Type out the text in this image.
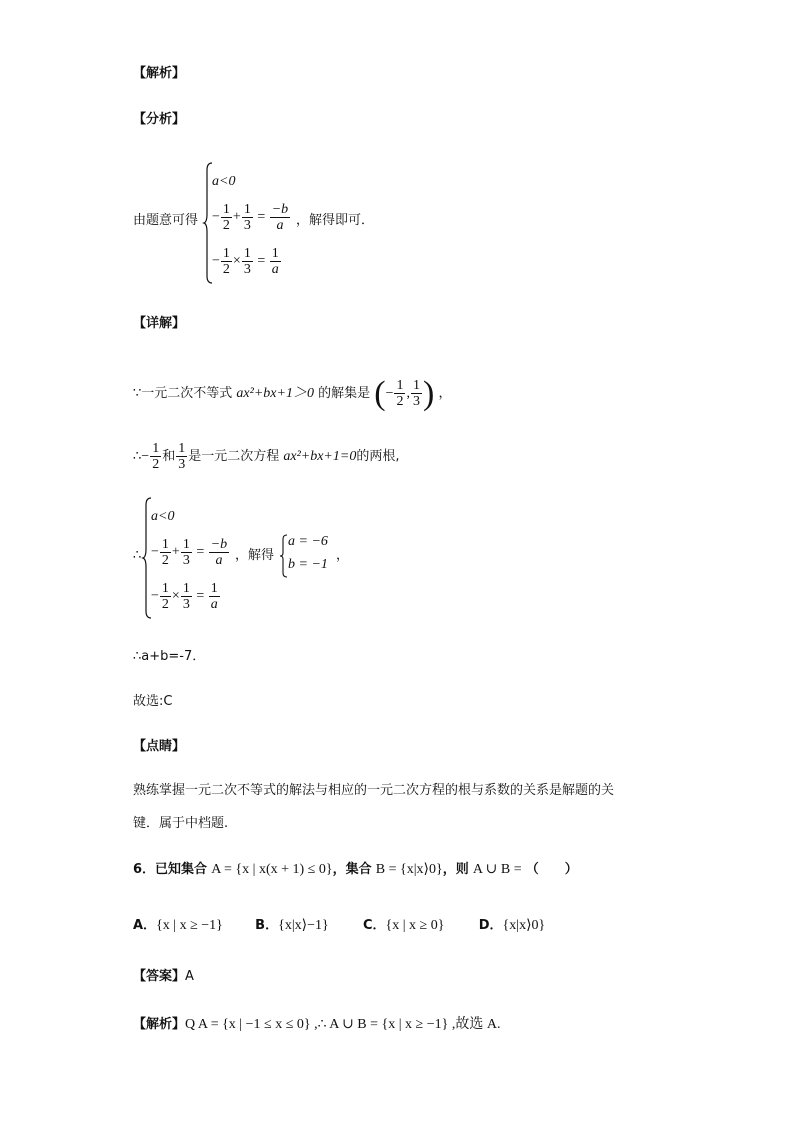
【解析】
【分析】
由题意可得
a<0
− $\frac{1}{2} + \frac{1}{3} = \frac{-b}{a}$
− $\frac{1}{2} \times \frac{1}{3} = \frac{1}{a}$
，解得即可．
【详解】
∵一元二次不等式 ax²+bx+1＞0 的解集是 (− $\frac{1}{2}$ , $\frac{1}{3}$ ) ，
∴− $\frac{1}{2}$ 和 $\frac{1}{3}$ 是一元二次方程 ax²+bx+1=0的两根,
∴
a<0
− $\frac{1}{2} + \frac{1}{3} = \frac{-b}{a}$
− $\frac{1}{2} \times \frac{1}{3} = \frac{1}{a}$
，解得
a = −6
b = −1
，
∴a+b=-7．
故选:C
【点睛】
熟练掌握一元二次不等式的解法与相应的一元二次方程的根与系数的关系是解题的关
键．属于中档题.
6．已知集合 A = {x | x(x + 1) ≤ 0}，集合 B = {x|x⟩0}，则 A ∪ B = （　　）
A．{x | x ≥ −1} B．{x|x⟩−1}	C．{x | x ≥ 0}	D．{x|x⟩0}
【答案】A
【解析】Q A = {x | −1 ≤ x ≤ 0} ,∴ A ∪ B = {x | x ≥ −1} ,故选 A.
